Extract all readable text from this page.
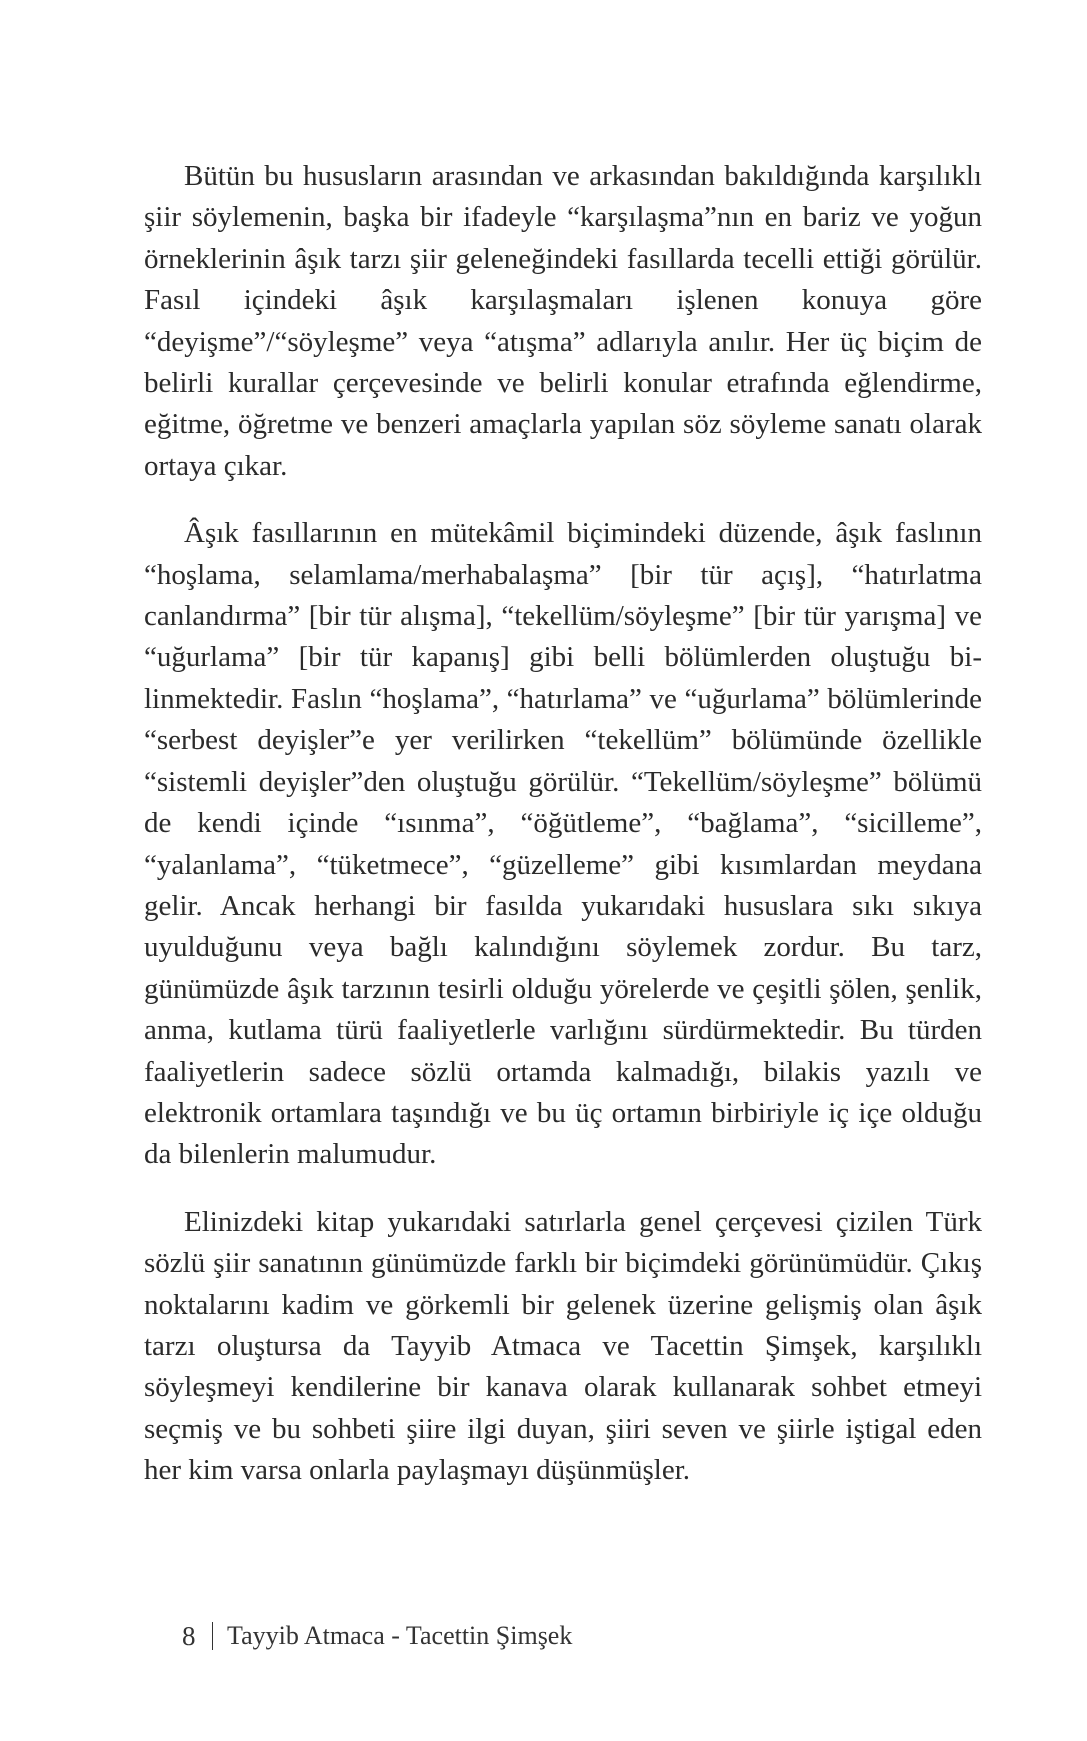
Bütün bu hususların arasından ve arkasından bakıldığında karşılıklı şiir söylemenin, başka bir ifadeyle “karşılaşma”nın en bariz ve yoğun örneklerinin âşık tarzı şiir geleneğindeki fasıllarda tecelli ettiği görülür. Fasıl içindeki âşık karşılaşmaları işlenen konuya göre “deyişme”/“söyleşme” veya “atışma” adlarıyla anılır. Her üç biçim de belirli kurallar çerçevesinde ve belirli konular etrafında eğlendirme, eğitme, öğretme ve benzeri amaçlarla yapılan söz söyleme sanatı olarak ortaya çıkar.

Âşık fasıllarının en mütekâmil biçimindeki düzende, âşık faslının “hoşlama, selamlama/merhabalaşma” [bir tür açış], “hatırlatma canlandırma” [bir tür alışma], “tekellüm/söyleşme” [bir tür yarışma] ve “uğurlama” [bir tür kapanış] gibi belli bölümlerden oluştuğu bilinmektedir. Faslın “hoşlama”, “hatırlama” ve “uğurlama” bölümlerinde “serbest deyişler”e yer verilirken “tekellüm” bölümünde özellikle “sistemli deyişler”den oluştuğu görülür. “Tekellüm/söyleşme” bölümü de kendi içinde “ısınma”, “öğütleme”, “bağlama”, “sicilleme”, “yalanlama”, “tüketmece”, “güzelleme” gibi kısımlardan meydana gelir. Ancak herhangi bir fasılda yukarıdaki hususlara sıkı sıkıya uyulduğunu veya bağlı kalındığını söylemek zordur. Bu tarz, günümüzde âşık tarzının tesirli olduğu yörelerde ve çeşitli şölen, şenlik, anma, kutlama türü faaliyetlerle varlığını sürdürmektedir. Bu türden faaliyetlerin sadece sözlü ortamda kalmadığı, bilakis yazılı ve elektronik ortamlara taşındığı ve bu üç ortamın birbiriyle iç içe olduğu da bilenlerin malumudur.

Elinizdeki kitap yukarıdaki satırlarla genel çerçevesi çizilen Türk sözlü şiir sanatının günümüzde farklı bir biçimdeki görünümüdür. Çıkış noktalarını kadim ve görkemli bir gelenek üzerine gelişmiş olan âşık tarzı oluştursa da Tayyib Atmaca ve Tacettin Şimşek, karşılıklı söyleşmeyi kendilerine bir kanava olarak kullanarak sohbet etmeyi seçmiş ve bu sohbeti şiire ilgi duyan, şiiri seven ve şiirle iştigal eden her kim varsa onlarla paylaşmayı düşünmüşler.

8 Tayyib Atmaca - Tacettin Şimşek
